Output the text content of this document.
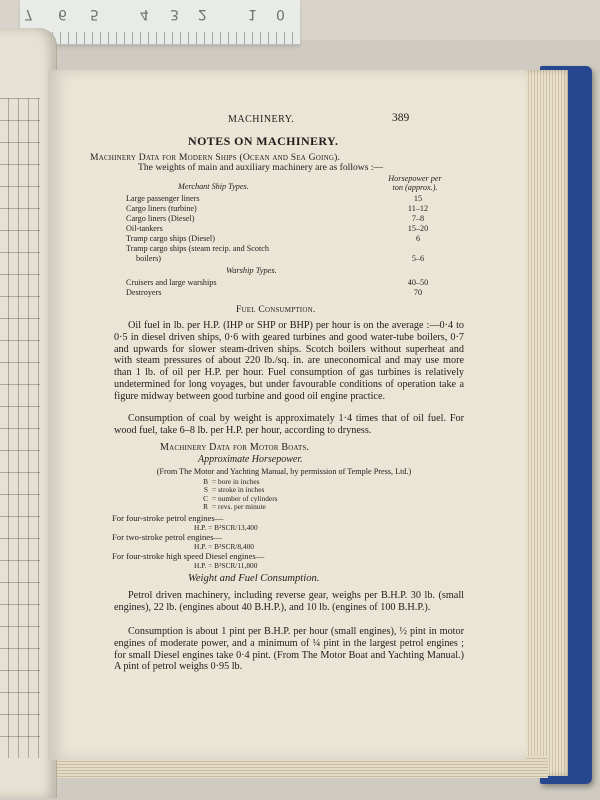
7 6 5	4 3 2	1 0
MACHINERY.	389
NOTES ON MACHINERY.
Machinery Data for Modern Ships (Ocean and Sea Going).
The weights of main and auxiliary machinery are as follows :—
Merchant Ship Types.
Horsepower per
ton (approx.).
Large passenger liners	15
Cargo liners (turbine)	11–12
Cargo liners (Diesel)	7–8
Oil-tankers	15–20
Tramp cargo ships (Diesel)	6
Tramp cargo ships (steam recip. and Scotch
boilers)	5–6
Warship Types.
Cruisers and large warships	40–50
Destroyers	70
Fuel Consumption.
Oil fuel in lb. per H.P. (IHP or SHP or BHP) per hour is on the average :—0·4 to 0·5 in diesel driven ships, 0·6 with geared turbines and good water-tube boilers, 0·7 and upwards for slower steam-driven ships. Scotch boilers without superheat and with steam pressures of about 220 lb./sq. in. are uneconomical and may use more than 1 lb. of oil per H.P. per hour. Fuel consumption of gas turbines is relatively undetermined for long voyages, but under favourable conditions of operation take a figure midway between good turbine and good oil engine practice.
Consumption of coal by weight is approximately 1·4 times that of oil fuel. For wood fuel, take 6–8 lb. per H.P. per hour, according to dryness.
Machinery Data for Motor Boats.
Approximate Horsepower.
(From The Motor and Yachting Manual, by permission of Temple Press, Ltd.)
B = bore in inches
S = stroke in inches
C = number of cylinders
R = revs. per minute
For four-stroke petrol engines—
H.P. = B²SCR/13,400
For two-stroke petrol engines—
H.P. = B²SCR/8,400
For four-stroke high speed Diesel engines—
H.P. = B²SCR/11,800
Weight and Fuel Consumption.
Petrol driven machinery, including reverse gear, weighs per B.H.P. 30 lb. (small engines), 22 lb. (engines about 40 B.H.P.), and 10 lb. (engines of 100 B.H.P.).
Consumption is about 1 pint per B.H.P. per hour (small engines), ½ pint in motor engines of moderate power, and a minimum of ¼ pint in the largest petrol engines ; for small Diesel engines take 0·4 pint. (From The Motor Boat and Yachting Manual.) A pint of petrol weighs 0·95 lb.
